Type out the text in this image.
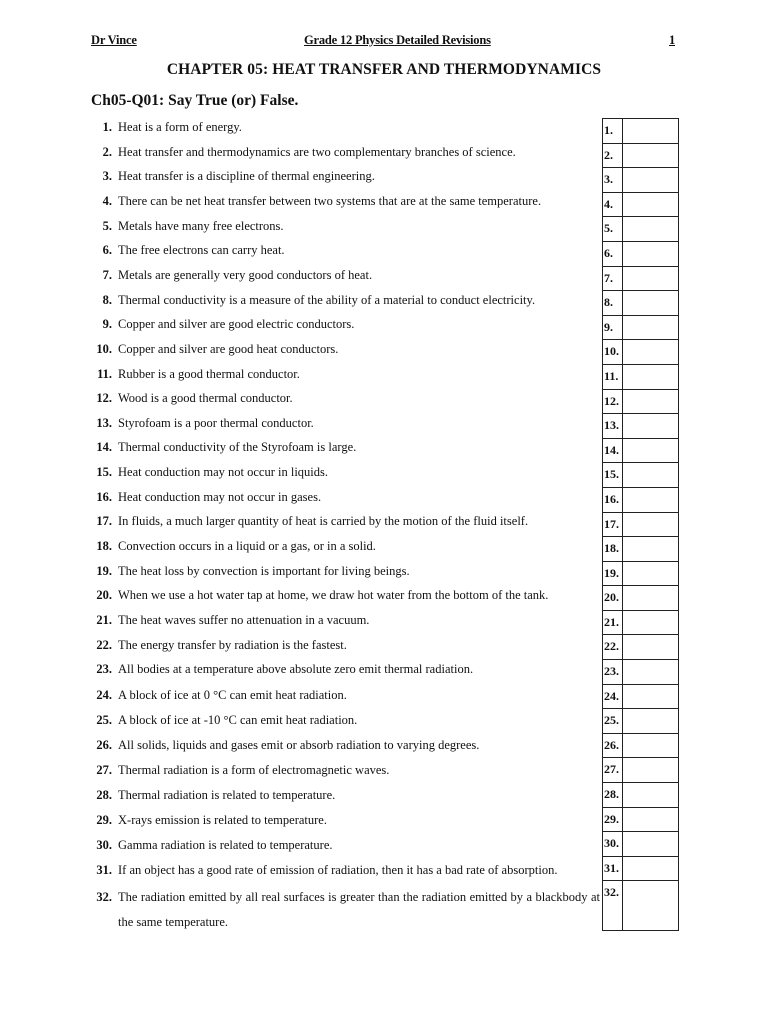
Dr Vince	Grade 12 Physics Detailed Revisions	1
CHAPTER 05: HEAT TRANSFER AND THERMODYNAMICS
Ch05-Q01: Say True (or) False.
1. Heat is a form of energy.
2. Heat transfer and thermodynamics are two complementary branches of science.
3. Heat transfer is a discipline of thermal engineering.
4. There can be net heat transfer between two systems that are at the same temperature.
5. Metals have many free electrons.
6. The free electrons can carry heat.
7. Metals are generally very good conductors of heat.
8. Thermal conductivity is a measure of the ability of a material to conduct electricity.
9. Copper and silver are good electric conductors.
10. Copper and silver are good heat conductors.
11. Rubber is a good thermal conductor.
12. Wood is a good thermal conductor.
13. Styrofoam is a poor thermal conductor.
14. Thermal conductivity of the Styrofoam is large.
15. Heat conduction may not occur in liquids.
16. Heat conduction may not occur in gases.
17. In fluids, a much larger quantity of heat is carried by the motion of the fluid itself.
18. Convection occurs in a liquid or a gas, or in a solid.
19. The heat loss by convection is important for living beings.
20. When we use a hot water tap at home, we draw hot water from the bottom of the tank.
21. The heat waves suffer no attenuation in a vacuum.
22. The energy transfer by radiation is the fastest.
23. All bodies at a temperature above absolute zero emit thermal radiation.
24. A block of ice at 0 °C can emit heat radiation.
25. A block of ice at -10 °C can emit heat radiation.
26. All solids, liquids and gases emit or absorb radiation to varying degrees.
27. Thermal radiation is a form of electromagnetic waves.
28. Thermal radiation is related to temperature.
29. X-rays emission is related to temperature.
30. Gamma radiation is related to temperature.
31. If an object has a good rate of emission of radiation, then it has a bad rate of absorption.
32. The radiation emitted by all real surfaces is greater than the radiation emitted by a blackbody at the same temperature.
1.
2.
3.
4.
5.
6.
7.
8.
9.
10.
11.
12.
13.
14.
15.
16.
17.
18.
19.
20.
21.
22.
23.
24.
25.
26.
27.
28.
29.
30.
31.
32.
